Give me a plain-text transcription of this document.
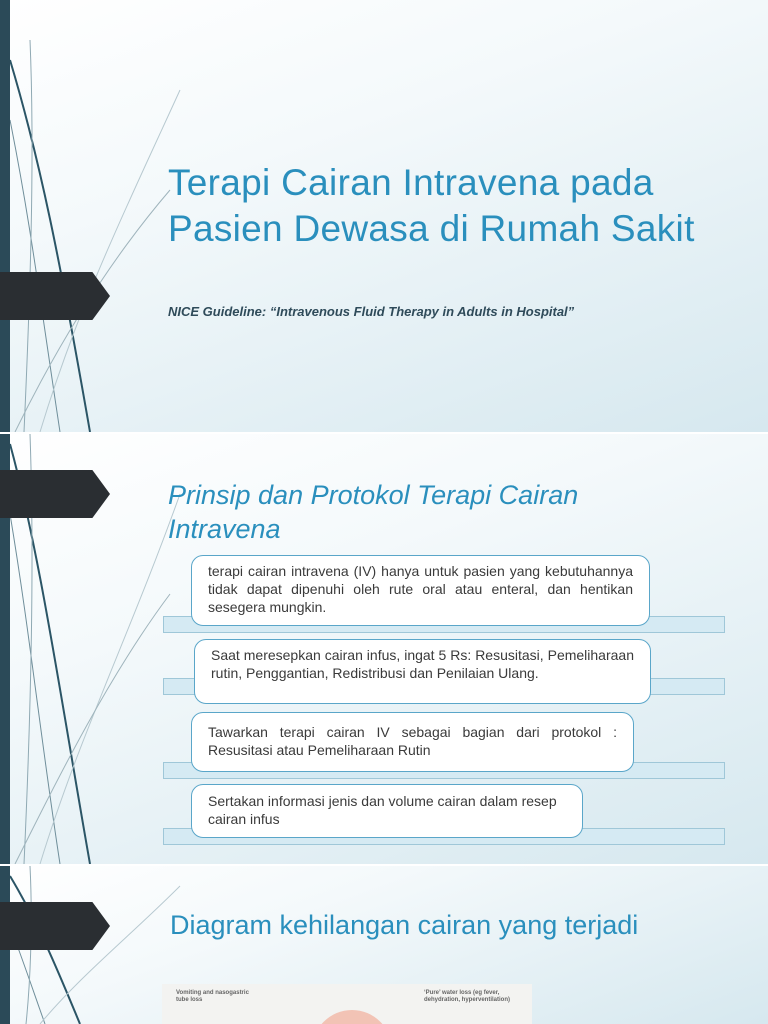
Terapi Cairan Intravena pada Pasien Dewasa di Rumah Sakit

NICE Guideline: “Intravenous Fluid Therapy in Adults in Hospital”

Prinsip dan Protokol Terapi Cairan Intravena
terapi cairan intravena (IV) hanya untuk pasien yang kebutuhannya tidak dapat dipenuhi oleh rute oral atau enteral, dan hentikan sesegera mungkin.
Saat meresepkan cairan infus, ingat 5 Rs: Resusitasi, Pemeliharaan rutin, Penggantian, Redistribusi dan Penilaian Ulang.
Tawarkan terapi cairan IV sebagai bagian dari protokol : Resusitasi atau Pemeliharaan Rutin
Sertakan informasi jenis dan volume cairan dalam resep cairan infus
Diagram kehilangan cairan yang terjadi
Vomiting and nasogastric tube loss
‘Pure’ water loss (eg fever, dehydration, hyperventilation)
